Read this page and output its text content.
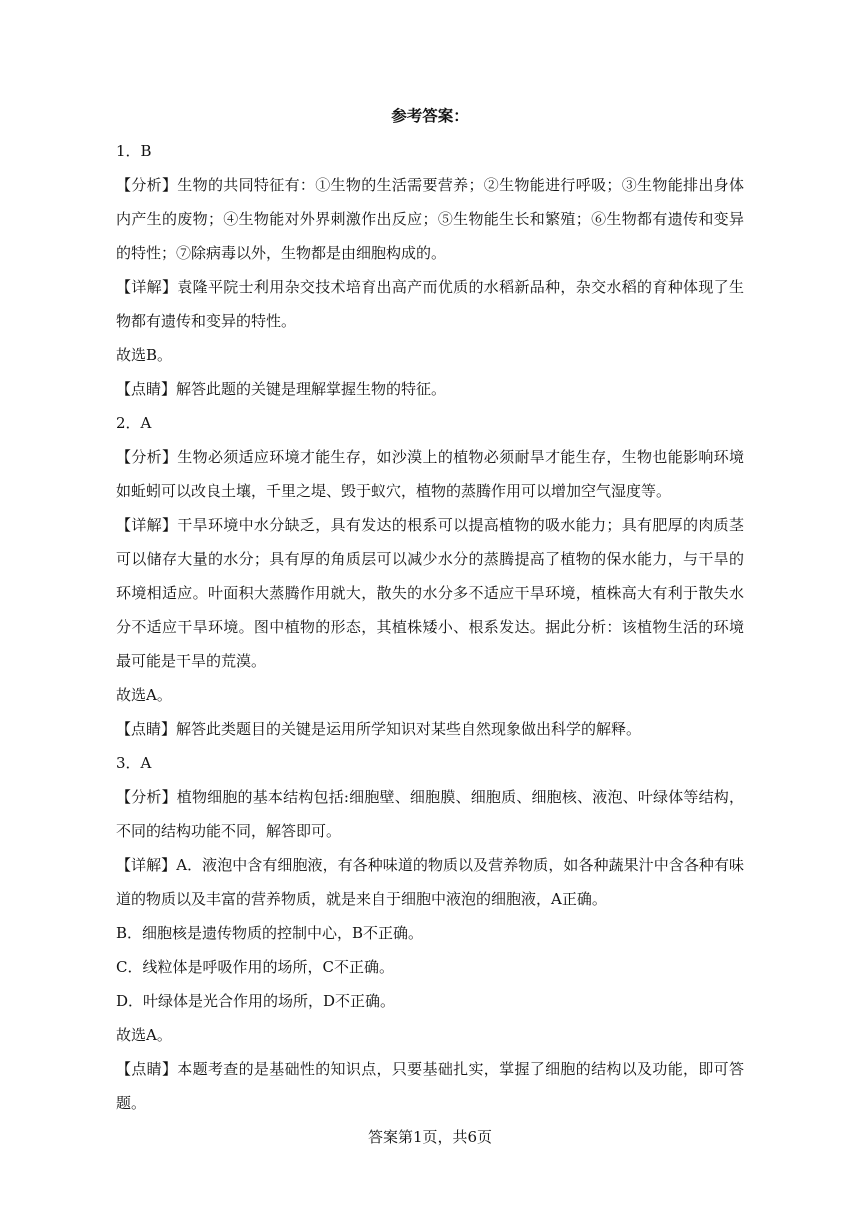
参考答案：

1．B

【分析】生物的共同特征有：①生物的生活需要营养；②生物能进行呼吸；③生物能排出身体内产生的废物；④生物能对外界刺激作出反应；⑤生物能生长和繁殖；⑥生物都有遗传和变异的特性；⑦除病毒以外，生物都是由细胞构成的。

【详解】袁隆平院士利用杂交技术培育出高产而优质的水稻新品种，杂交水稻的育种体现了生物都有遗传和变异的特性。

故选B。

【点睛】解答此题的关键是理解掌握生物的特征。

2．A

【分析】生物必须适应环境才能生存，如沙漠上的植物必须耐旱才能生存，生物也能影响环境如蚯蚓可以改良土壤，千里之堤、毁于蚁穴，植物的蒸腾作用可以增加空气湿度等。

【详解】干旱环境中水分缺乏，具有发达的根系可以提高植物的吸水能力；具有肥厚的肉质茎可以储存大量的水分；具有厚的角质层可以减少水分的蒸腾提高了植物的保水能力，与干旱的环境相适应。叶面积大蒸腾作用就大，散失的水分多不适应干旱环境，植株高大有利于散失水分不适应干旱环境。图中植物的形态，其植株矮小、根系发达。据此分析：该植物生活的环境最可能是干旱的荒漠。

故选A。

【点睛】解答此类题目的关键是运用所学知识对某些自然现象做出科学的解释。

3．A

【分析】植物细胞的基本结构包括:细胞壁、细胞膜、细胞质、细胞核、液泡、叶绿体等结构，不同的结构功能不同，解答即可。

【详解】A．液泡中含有细胞液，有各种味道的物质以及营养物质，如各种蔬果汁中含各种有味道的物质以及丰富的营养物质，就是来自于细胞中液泡的细胞液，A正确。

B．细胞核是遗传物质的控制中心，B不正确。

C．线粒体是呼吸作用的场所，C不正确。

D．叶绿体是光合作用的场所，D不正确。

故选A。

【点睛】本题考查的是基础性的知识点，只要基础扎实，掌握了细胞的结构以及功能，即可答题。

答案第1页，共6页
